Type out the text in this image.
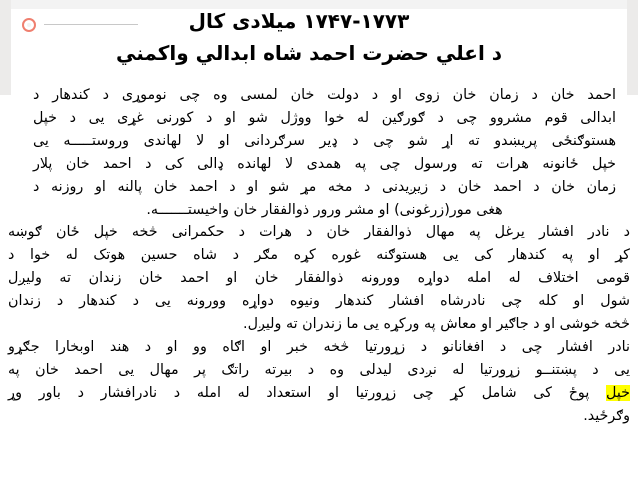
۱۷۴۷-۱۷۷۳ میلادی کال
د اعلي حضرت احمد شاه ابدالي واکمني

احمد خان د زمان خان زوی او د دولت خان لمسی وه چی نوموړی د کندهار د
ابدالی قوم مشروو چی د ګورګین له خوا ووژل شو او د کورنی غړی یی د خپل
هستوګنځی پریښدو ته اړ شو چی د ډیر سرګردانی او لا لهاندی وروستـــــه یی
خپل ځانونه هرات ته ورسول چی په همدی لا لهانده ډالی کی د احمد خان پلار
زمان خان د احمد خان د زیږیدنی د مخه مړ شو او د احمد خان پالنه او روزنه د
هغی مور(زرغونی) او مشر ورور ذوالفقار خان واخیستـــــــه.

د نادر افشار یرغل په مهال ذوالفقار خان د هرات د حکمرانی څخه خپل ځان ګوښه
کړ او په کندهار کی یی هستوګنه غوره کړه مګر د شاه حسین هوتک له خوا د
قومی اختلاف له امله دواړه وورونه ذوالفقار خان او احمد خان زندان ته ولیږل
شول او کله چی نادرشاه افشار کندهار ونیوه دواړه وورونه یی د کندهار د زندان
څخه خوشی او د جاګیر او معاش په ورکړه یی ما زندران ته ولیږل.

نادر افشار چی د افغانانو د زړورتیا څخه خبر او اګاه وو او د هند اوبخارا جګړو
یی د پښتنــو زړورتیا له نږدی لیدلی وه د بیرته راتګ پر مهال یی احمد خان په
خپل پوځ کی شامل کړ چی زړورتیا او استعداد له امله د نادرافشار د باور وړ
وګرځید.
